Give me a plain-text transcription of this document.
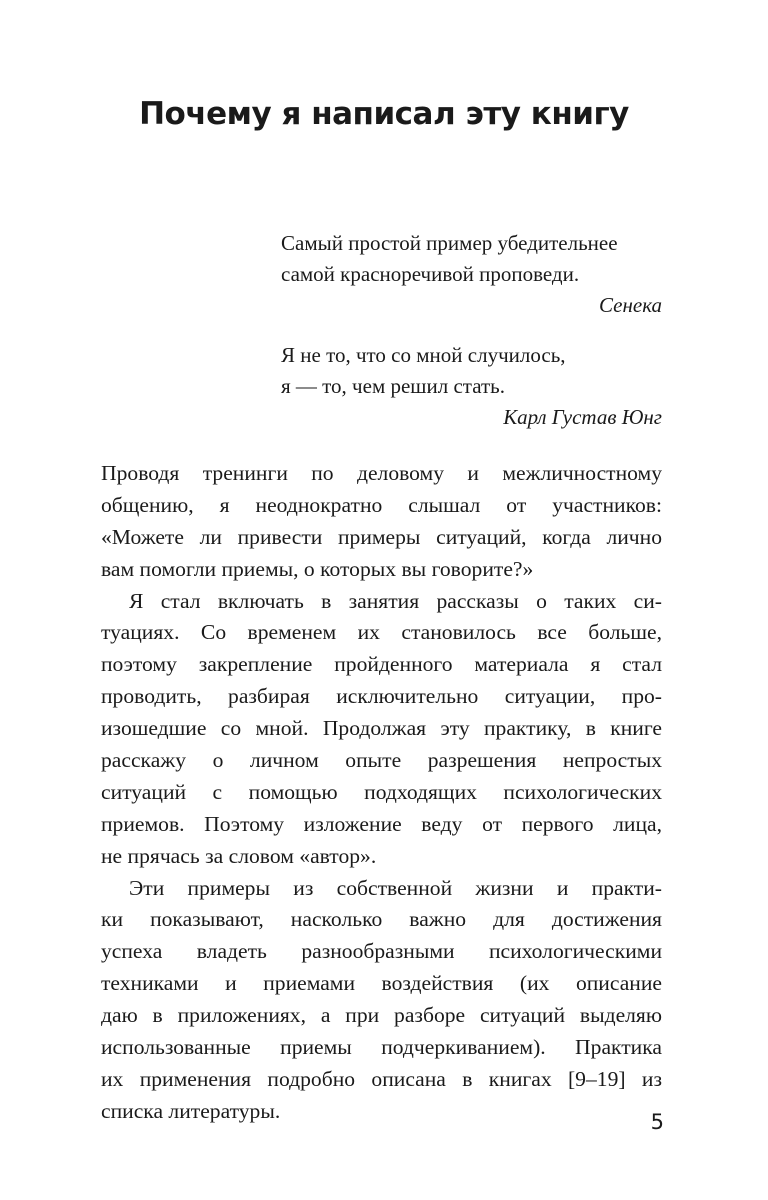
Почему я написал эту книгу
Самый простой пример убедительнее
самой красноречивой проповеди.
Сенека
Я не то, что со мной случилось,
я — то, чем решил стать.
Карл Густав Юнг
Проводя тренинги по деловому и межличностному
общению, я неоднократно слышал от участников:
«Можете ли привести примеры ситуаций, когда лично
вам помогли приемы, о которых вы говорите?»
Я стал включать в занятия рассказы о таких си-
туациях. Со временем их становилось все больше,
поэтому закрепление пройденного материала я стал
проводить, разбирая исключительно ситуации, про-
изошедшие со мной. Продолжая эту практику, в книге
расскажу о личном опыте разрешения непростых
ситуаций с помощью подходящих психологических
приемов. Поэтому изложение веду от первого лица,
не прячась за словом «автор».
Эти примеры из собственной жизни и практи-
ки показывают, насколько важно для достижения
успеха владеть разнообразными психологическими
техниками и приемами воздействия (их описание
даю в приложениях, а при разборе ситуаций выделяю
использованные приемы подчеркиванием). Практика
их применения подробно описана в книгах [9–19] из
списка литературы.	5
